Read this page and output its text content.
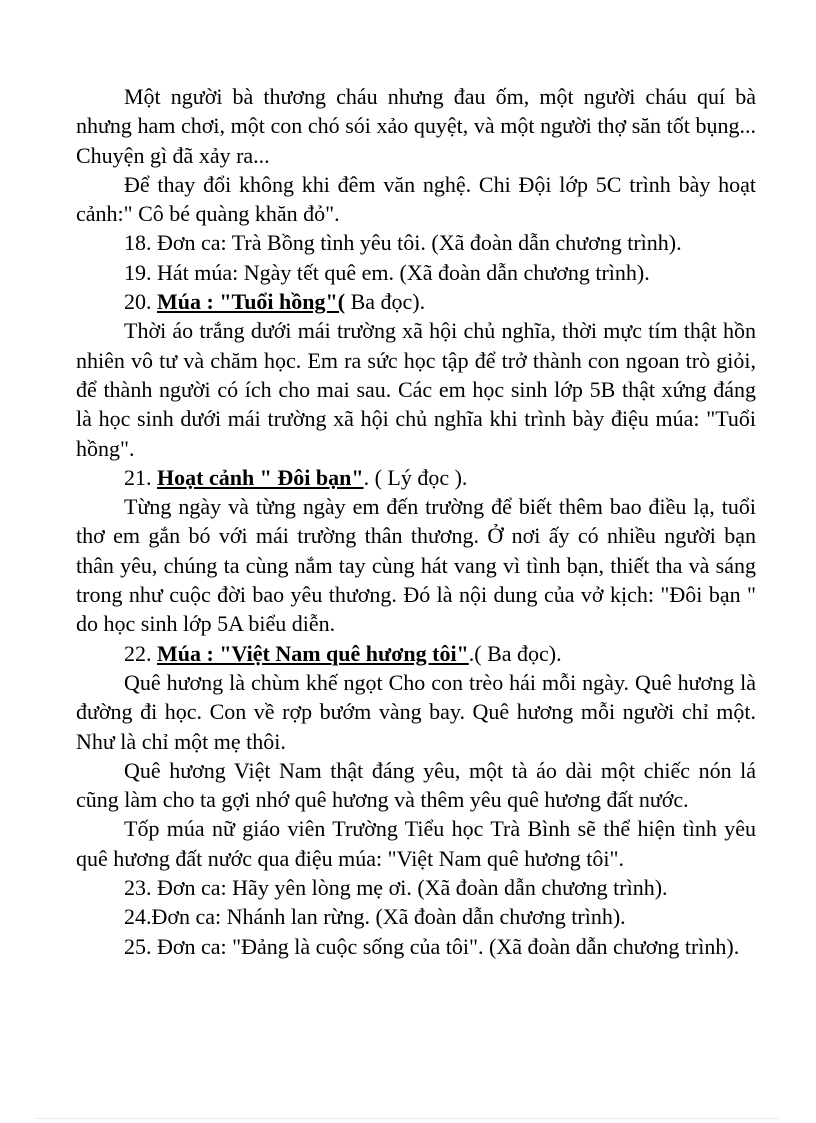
Một người bà thương cháu nhưng đau ốm, một người cháu quí bà nhưng ham chơi, một con chó sói xảo quyệt, và một người thợ săn tốt bụng... Chuyện gì đã xảy ra...

Để thay đổi không khi đêm văn nghệ. Chi Đội lớp 5C trình bày hoạt cảnh:" Cô bé quàng khăn đỏ".

18. Đơn ca: Trà Bồng tình yêu tôi. (Xã đoàn dẫn chương trình).

19. Hát múa: Ngày tết quê em. (Xã đoàn dẫn chương trình).

20. Múa : "Tuổi hồng"( Ba đọc).

Thời áo trắng dưới mái trường xã hội chủ nghĩa, thời mực tím thật hồn nhiên vô tư và chăm học. Em ra sức học tập để trở thành con ngoan trò giỏi, để thành người có ích cho mai sau. Các em học sinh lớp 5B thật xứng đáng là học sinh dưới mái trường xã hội chủ nghĩa khi trình bày điệu múa: "Tuổi hồng".

21. Hoạt cảnh " Đôi bạn". ( Lý đọc ).

Từng ngày và từng ngày em đến trường để biết thêm bao điều lạ, tuổi thơ em gắn bó với mái trường thân thương. Ở nơi ấy có nhiều người bạn thân yêu, chúng ta cùng nắm tay cùng hát vang vì tình bạn, thiết tha và sáng trong như cuộc đời bao yêu thương. Đó là nội dung của vở kịch: "Đôi bạn " do học sinh lớp 5A biểu diễn.

22. Múa : "Việt Nam quê hương tôi".( Ba đọc).

Quê hương là chùm khế ngọt Cho con trèo hái mỗi ngày. Quê hương là đường đi học. Con về rợp bướm vàng bay. Quê hương mỗi người chỉ một. Như là chỉ một mẹ thôi.

Quê hương Việt Nam thật đáng yêu, một tà áo dài một chiếc nón lá cũng làm cho ta gợi nhớ quê hương và thêm yêu quê hương đất nước.

Tốp múa nữ giáo viên Trường Tiểu học Trà Bình sẽ thể hiện tình yêu quê hương đất nước qua điệu múa: "Việt Nam quê hương tôi".

23. Đơn ca: Hãy yên lòng mẹ ơi. (Xã đoàn dẫn chương trình).

24.Đơn ca: Nhánh lan rừng. (Xã đoàn dẫn chương trình).

25. Đơn ca: "Đảng là cuộc sống của tôi". (Xã đoàn dẫn chương trình).
